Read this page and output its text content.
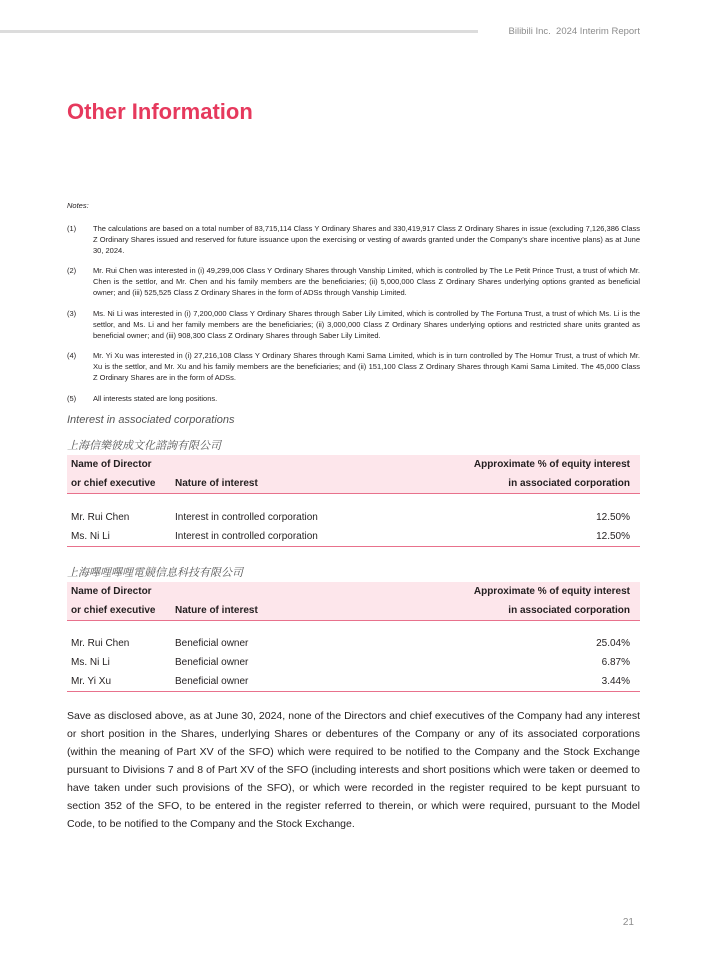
Bilibili Inc.  2024 Interim Report
Other Information
Notes:
(1)	The calculations are based on a total number of 83,715,114 Class Y Ordinary Shares and 330,419,917 Class Z Ordinary Shares in issue (excluding 7,126,386 Class Z Ordinary Shares issued and reserved for future issuance upon the exercising or vesting of awards granted under the Company’s share incentive plans) as at June 30, 2024.
(2)	Mr. Rui Chen was interested in (i) 49,299,006 Class Y Ordinary Shares through Vanship Limited, which is controlled by The Le Petit Prince Trust, a trust of which Mr. Chen is the settlor, and Mr. Chen and his family members are the beneficiaries; (ii) 5,000,000 Class Z Ordinary Shares underlying options granted as beneficial owner; and (iii) 525,525 Class Z Ordinary Shares in the form of ADSs through Vanship Limited.
(3)	Ms. Ni Li was interested in (i) 7,200,000 Class Y Ordinary Shares through Saber Lily Limited, which is controlled by The Fortuna Trust, a trust of which Ms. Li is the settlor, and Ms. Li and her family members are the beneficiaries; (ii) 3,000,000 Class Z Ordinary Shares underlying options and restricted share units granted as beneficial owner; and (iii) 908,300 Class Z Ordinary Shares through Saber Lily Limited.
(4)	Mr. Yi Xu was interested in (i) 27,216,108 Class Y Ordinary Shares through Kami Sama Limited, which is in turn controlled by The Homur Trust, a trust of which Mr. Xu is the settlor, and Mr. Xu and his family members are the beneficiaries; and (ii) 151,100 Class Z Ordinary Shares through Kami Sama Limited. The 45,000 Class Z Ordinary Shares are in the form of ADSs.
(5)	All interests stated are long positions.
Interest in associated corporations
上海信樂彼成文化諮詢有限公司
Name of Director	Approximate % of equity interest
or chief executive	Nature of interest	in associated corporation
Mr. Rui Chen	Interest in controlled corporation	12.50%
Ms. Ni Li	Interest in controlled corporation	12.50%
上海嗶哩嗶哩電競信息科技有限公司
Name of Director	Approximate % of equity interest
or chief executive	Nature of interest	in associated corporation
Mr. Rui Chen	Beneficial owner	25.04%
Ms. Ni Li	Beneficial owner	6.87%
Mr. Yi Xu	Beneficial owner	3.44%

Save as disclosed above, as at June 30, 2024, none of the Directors and chief executives of the Company had any interest or short position in the Shares, underlying Shares or debentures of the Company or any of its associated corporations (within the meaning of Part XV of the SFO) which were required to be notified to the Company and the Stock Exchange pursuant to Divisions 7 and 8 of Part XV of the SFO (including interests and short positions which were taken or deemed to have taken under such provisions of the SFO), or which were recorded in the register required to be kept pursuant to section 352 of the SFO, to be entered in the register referred to therein, or which were required, pursuant to the Model Code, to be notified to the Company and the Stock Exchange.

21
